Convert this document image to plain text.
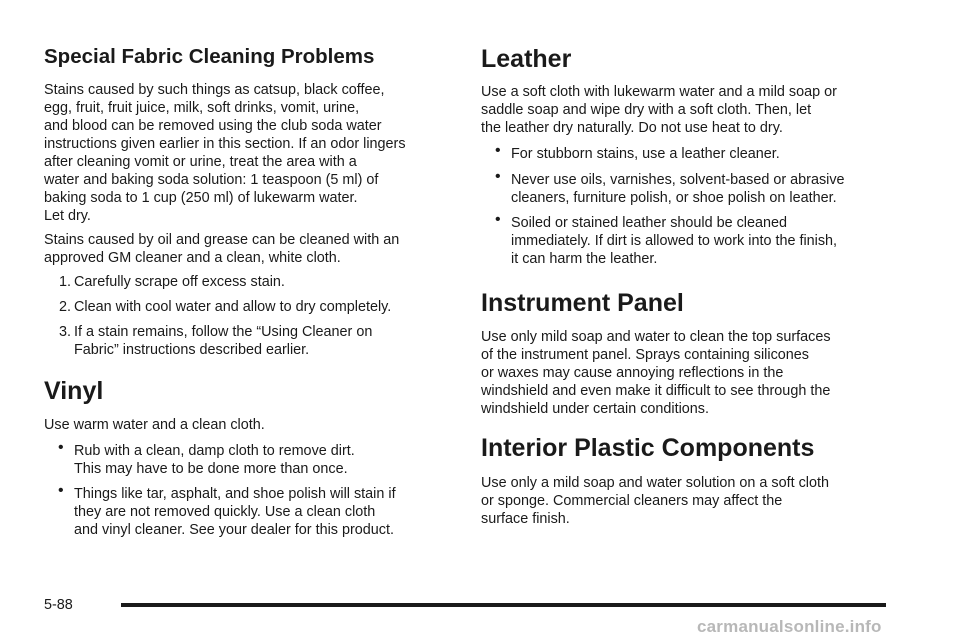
Special Fabric Cleaning Problems

Stains caused by such things as catsup, black coffee,
egg, fruit, fruit juice, milk, soft drinks, vomit, urine,
and blood can be removed using the club soda water
instructions given earlier in this section. If an odor lingers
after cleaning vomit or urine, treat the area with a
water and baking soda solution: 1 teaspoon (5 ml) of
baking soda to 1 cup (250 ml) of lukewarm water.
Let dry.

Stains caused by oil and grease can be cleaned with an
approved GM cleaner and a clean, white cloth.

1. Carefully scrape off excess stain.

2. Clean with cool water and allow to dry completely.

3. If a stain remains, follow the “Using Cleaner on
Fabric” instructions described earlier.

Vinyl

Use warm water and a clean cloth.

• Rub with a clean, damp cloth to remove dirt.
This may have to be done more than once.

• Things like tar, asphalt, and shoe polish will stain if
they are not removed quickly. Use a clean cloth
and vinyl cleaner. See your dealer for this product.

Leather

Use a soft cloth with lukewarm water and a mild soap or
saddle soap and wipe dry with a soft cloth. Then, let
the leather dry naturally. Do not use heat to dry.

• For stubborn stains, use a leather cleaner.

• Never use oils, varnishes, solvent-based or abrasive
cleaners, furniture polish, or shoe polish on leather.

• Soiled or stained leather should be cleaned
immediately. If dirt is allowed to work into the finish,
it can harm the leather.

Instrument Panel

Use only mild soap and water to clean the top surfaces
of the instrument panel. Sprays containing silicones
or waxes may cause annoying reflections in the
windshield and even make it difficult to see through the
windshield under certain conditions.

Interior Plastic Components

Use only a mild soap and water solution on a soft cloth
or sponge. Commercial cleaners may affect the
surface finish.

5-88
carmanualsonline.info
